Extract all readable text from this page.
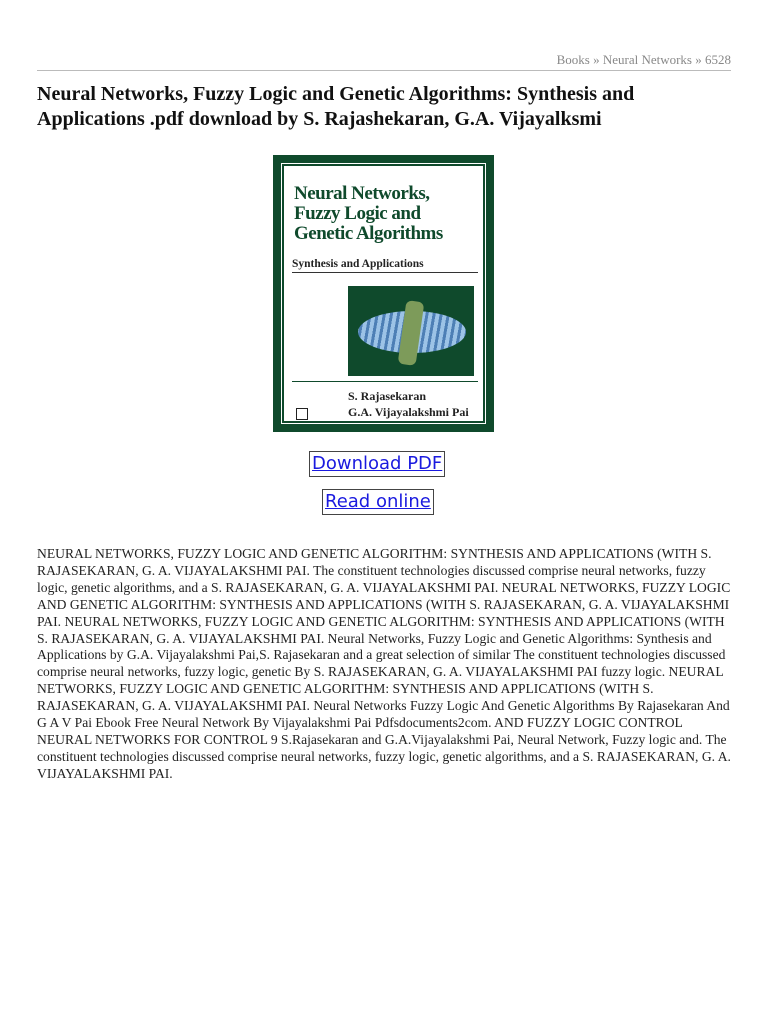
Books » Neural Networks » 6528
Neural Networks, Fuzzy Logic and Genetic Algorithms: Synthesis and Applications .pdf download by S. Rajashekaran, G.A. Vijayalksmi
Neural Networks,
Fuzzy Logic and
Genetic Algorithms
Synthesis and Applications
S. Rajasekaran
G.A. Vijayalakshmi Pai
Download PDF
Read online

NEURAL NETWORKS, FUZZY LOGIC AND GENETIC ALGORITHM: SYNTHESIS AND APPLICATIONS (WITH S. RAJASEKARAN, G. A. VIJAYALAKSHMI PAI. The constituent technologies discussed comprise neural networks, fuzzy logic, genetic algorithms, and a S. RAJASEKARAN, G. A. VIJAYALAKSHMI PAI. NEURAL NETWORKS, FUZZY LOGIC AND GENETIC ALGORITHM: SYNTHESIS AND APPLICATIONS (WITH S. RAJASEKARAN, G. A. VIJAYALAKSHMI PAI. NEURAL NETWORKS, FUZZY LOGIC AND GENETIC ALGORITHM: SYNTHESIS AND APPLICATIONS (WITH S. RAJASEKARAN, G. A. VIJAYALAKSHMI PAI. Neural Networks, Fuzzy Logic and Genetic Algorithms: Synthesis and Applications by G.A. Vijayalakshmi Pai,S. Rajasekaran and a great selection of similar The constituent technologies discussed comprise neural networks, fuzzy logic, genetic By S. RAJASEKARAN, G. A. VIJAYALAKSHMI PAI fuzzy logic. NEURAL NETWORKS, FUZZY LOGIC AND GENETIC ALGORITHM: SYNTHESIS AND APPLICATIONS (WITH S. RAJASEKARAN, G. A. VIJAYALAKSHMI PAI. Neural Networks Fuzzy Logic And Genetic Algorithms By Rajasekaran And G A V Pai Ebook Free Neural Network By Vijayalakshmi Pai Pdfsdocuments2com. AND FUZZY LOGIC CONTROL NEURAL NETWORKS FOR CONTROL 9 S.Rajasekaran and G.A.Vijayalakshmi Pai, Neural Network, Fuzzy logic and. The constituent technologies discussed comprise neural networks, fuzzy logic, genetic algorithms, and a S. RAJASEKARAN, G. A. VIJAYALAKSHMI PAI.
